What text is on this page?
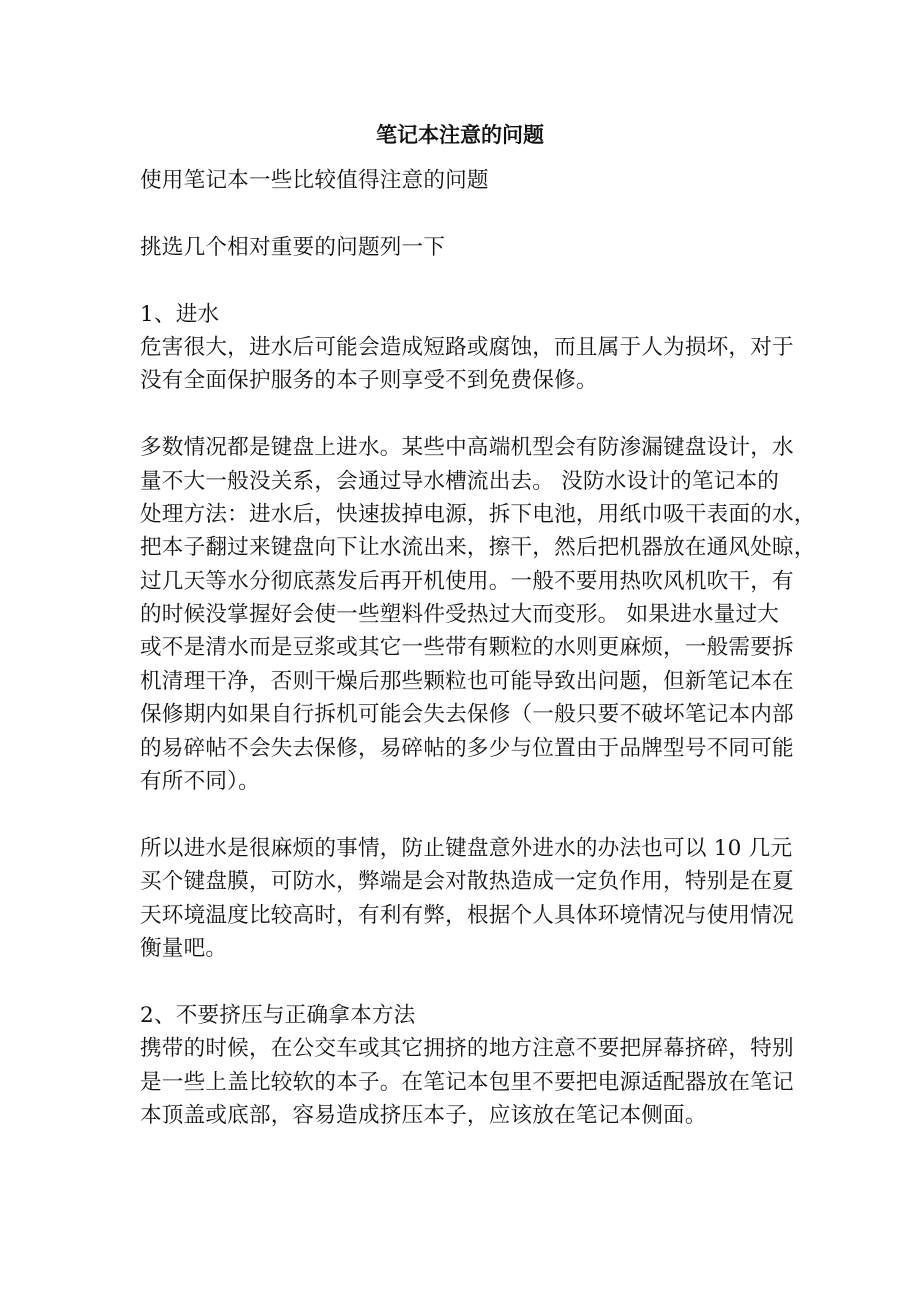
笔记本注意的问题
使用笔记本一些比较值得注意的问题
挑选几个相对重要的问题列一下
1、进水
危害很大，进水后可能会造成短路或腐蚀，而且属于人为损坏，对于
没有全面保护服务的本子则享受不到免费保修。
多数情况都是键盘上进水。某些中高端机型会有防渗漏键盘设计，水
量不大一般没关系，会通过导水槽流出去。 没防水设计的笔记本的
处理方法：进水后，快速拔掉电源，拆下电池，用纸巾吸干表面的水，
把本子翻过来键盘向下让水流出来，擦干，然后把机器放在通风处晾，
过几天等水分彻底蒸发后再开机使用。一般不要用热吹风机吹干，有
的时候没掌握好会使一些塑料件受热过大而变形。 如果进水量过大
或不是清水而是豆浆或其它一些带有颗粒的水则更麻烦，一般需要拆
机清理干净，否则干燥后那些颗粒也可能导致出问题，但新笔记本在
保修期内如果自行拆机可能会失去保修（一般只要不破坏笔记本内部
的易碎帖不会失去保修，易碎帖的多少与位置由于品牌型号不同可能
有所不同）。
所以进水是很麻烦的事情，防止键盘意外进水的办法也可以 10 几元
买个键盘膜，可防水，弊端是会对散热造成一定负作用，特别是在夏
天环境温度比较高时，有利有弊，根据个人具体环境情况与使用情况
衡量吧。
2、不要挤压与正确拿本方法
携带的时候，在公交车或其它拥挤的地方注意不要把屏幕挤碎，特别
是一些上盖比较软的本子。在笔记本包里不要把电源适配器放在笔记
本顶盖或底部，容易造成挤压本子，应该放在笔记本侧面。
